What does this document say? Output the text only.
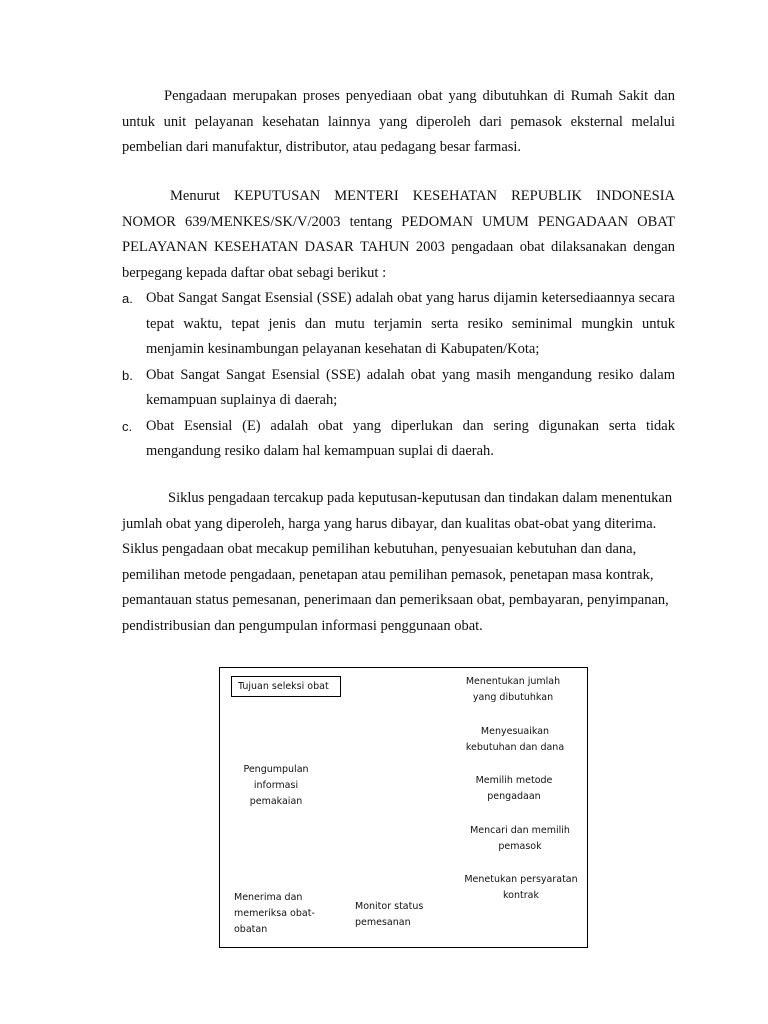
Pengadaan merupakan proses penyediaan obat yang dibutuhkan di Rumah Sakit dan untuk unit pelayanan kesehatan lainnya yang diperoleh dari pemasok eksternal melalui pembelian dari manufaktur, distributor, atau pedagang besar farmasi.

Menurut KEPUTUSAN MENTERI KESEHATAN REPUBLIK INDONESIA NOMOR 639/MENKES/SK/V/2003 tentang PEDOMAN UMUM PENGADAAN OBAT PELAYANAN KESEHATAN DASAR TAHUN 2003 pengadaan obat dilaksanakan dengan berpegang kepada daftar obat sebagi berikut :

a. Obat Sangat Sangat Esensial (SSE) adalah obat yang harus dijamin ketersediaannya secara tepat waktu, tepat jenis dan mutu terjamin serta resiko seminimal mungkin untuk menjamin kesinambungan pelayanan kesehatan di Kabupaten/Kota;
b. Obat Sangat Sangat Esensial (SSE) adalah obat yang masih mengandung resiko dalam kemampuan suplainya di daerah;
c. Obat Esensial (E) adalah obat yang diperlukan dan sering digunakan serta tidak mengandung resiko dalam hal kemampuan suplai di daerah.

Siklus pengadaan tercakup pada keputusan-keputusan dan tindakan dalam menentukan jumlah obat yang diperoleh, harga yang harus dibayar, dan kualitas obat-obat yang diterima. Siklus pengadaan obat mecakup pemilihan kebutuhan, penyesuaian kebutuhan dan dana, pemilihan metode pengadaan, penetapan atau pemilihan pemasok, penetapan masa kontrak, pemantauan status pemesanan, penerimaan dan pemeriksaan obat, pembayaran, penyimpanan, pendistribusian dan pengumpulan informasi penggunaan obat.

Tujuan seleksi obat	Menentukan jumlah yang dibutuhkan
Menyesuaikan kebutuhan dan dana
Memilih metode pengadaan
Mencari dan memilih pemasok
Menetukan persyaratan kontrak
Pengumpulan informasi pemakaian
Menerima dan memeriksa obat-obatan
Monitor status pemesanan
